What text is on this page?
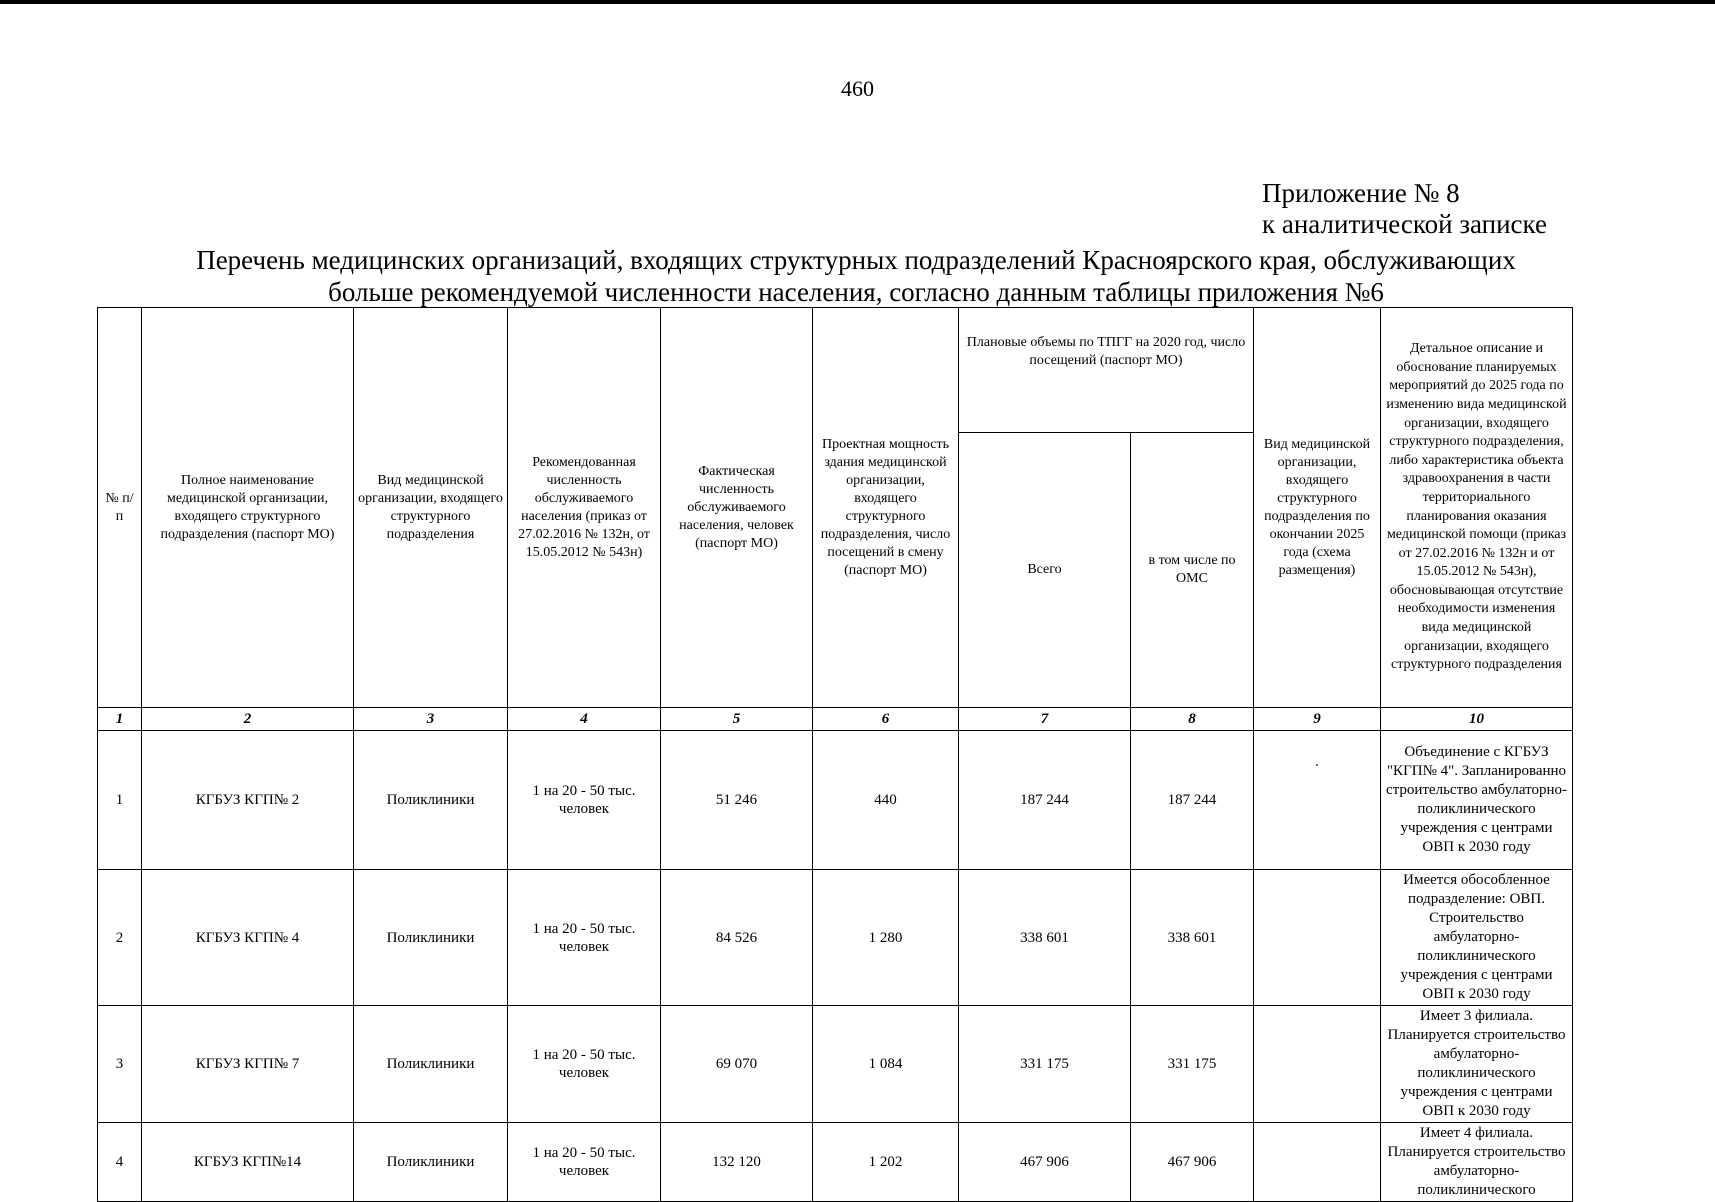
460
Приложение № 8
к аналитической записке
Перечень медицинских организаций, входящих структурных подразделений Красноярского края, обслуживающих
больше рекомендуемой численности населения, согласно данным таблицы приложения №6
№ п/п	Полное наименование медицинской организации, входящего структурного подразделения (паспорт МО)	Вид медицинской организации, входящего структурного подразделения	Рекомендованная численность обслуживаемого населения (приказ от 27.02.2016 № 132н, от 15.05.2012 № 543н)	Фактическая численность обслуживаемого населения, человек (паспорт МО)	Проектная мощность здания медицинской организации, входящего структурного подразделения, число посещений в смену (паспорт МО)	Плановые объемы по ТПГГ на 2020 год, число посещений (паспорт МО)		Вид медицинской организации, входящего структурного подразделения по окончании 2025 года (схема размещения)	Детальное описание и обоснование планируемых мероприятий до 2025 года по изменению вида медицинской организации, входящего структурного подразделения, либо характеристика объекта здравоохранения в части территориального планирования оказания медицинской помощи (приказ от 27.02.2016 № 132н и от 15.05.2012 № 543н), обосновывающая отсутствие необходимости изменения вида медицинской организации, входящего структурного подразделения
						Всего	в том числе по ОМС		
1	2	3	4	5	6	7	8	9	10
1	КГБУЗ КГП№ 2	Поликлиники	1 на 20 - 50 тыс. человек	51 246	440	187 244	187 244	·	Объединение с КГБУЗ "КГП№ 4". Запланированно строительство амбулаторно-поликлинического учреждения с центрами ОВП к 2030 году
2	КГБУЗ КГП№ 4	Поликлиники	1 на 20 - 50 тыс. человек	84 526	1 280	338 601	338 601		Имеется обособленное подразделение: ОВП. Строительство амбулаторно-поликлинического учреждения с центрами ОВП к 2030 году
3	КГБУЗ КГП№ 7	Поликлиники	1 на 20 - 50 тыс. человек	69 070	1 084	331 175	331 175		Имеет 3 филиала. Планируется строительство амбулаторно-поликлинического учреждения с центрами ОВП к 2030 году
4	КГБУЗ КГП№14	Поликлиники	1 на 20 - 50 тыс. человек	132 120	1 202	467 906	467 906		Имеет 4 филиала. Планируется строительство амбулаторно-поликлинического
